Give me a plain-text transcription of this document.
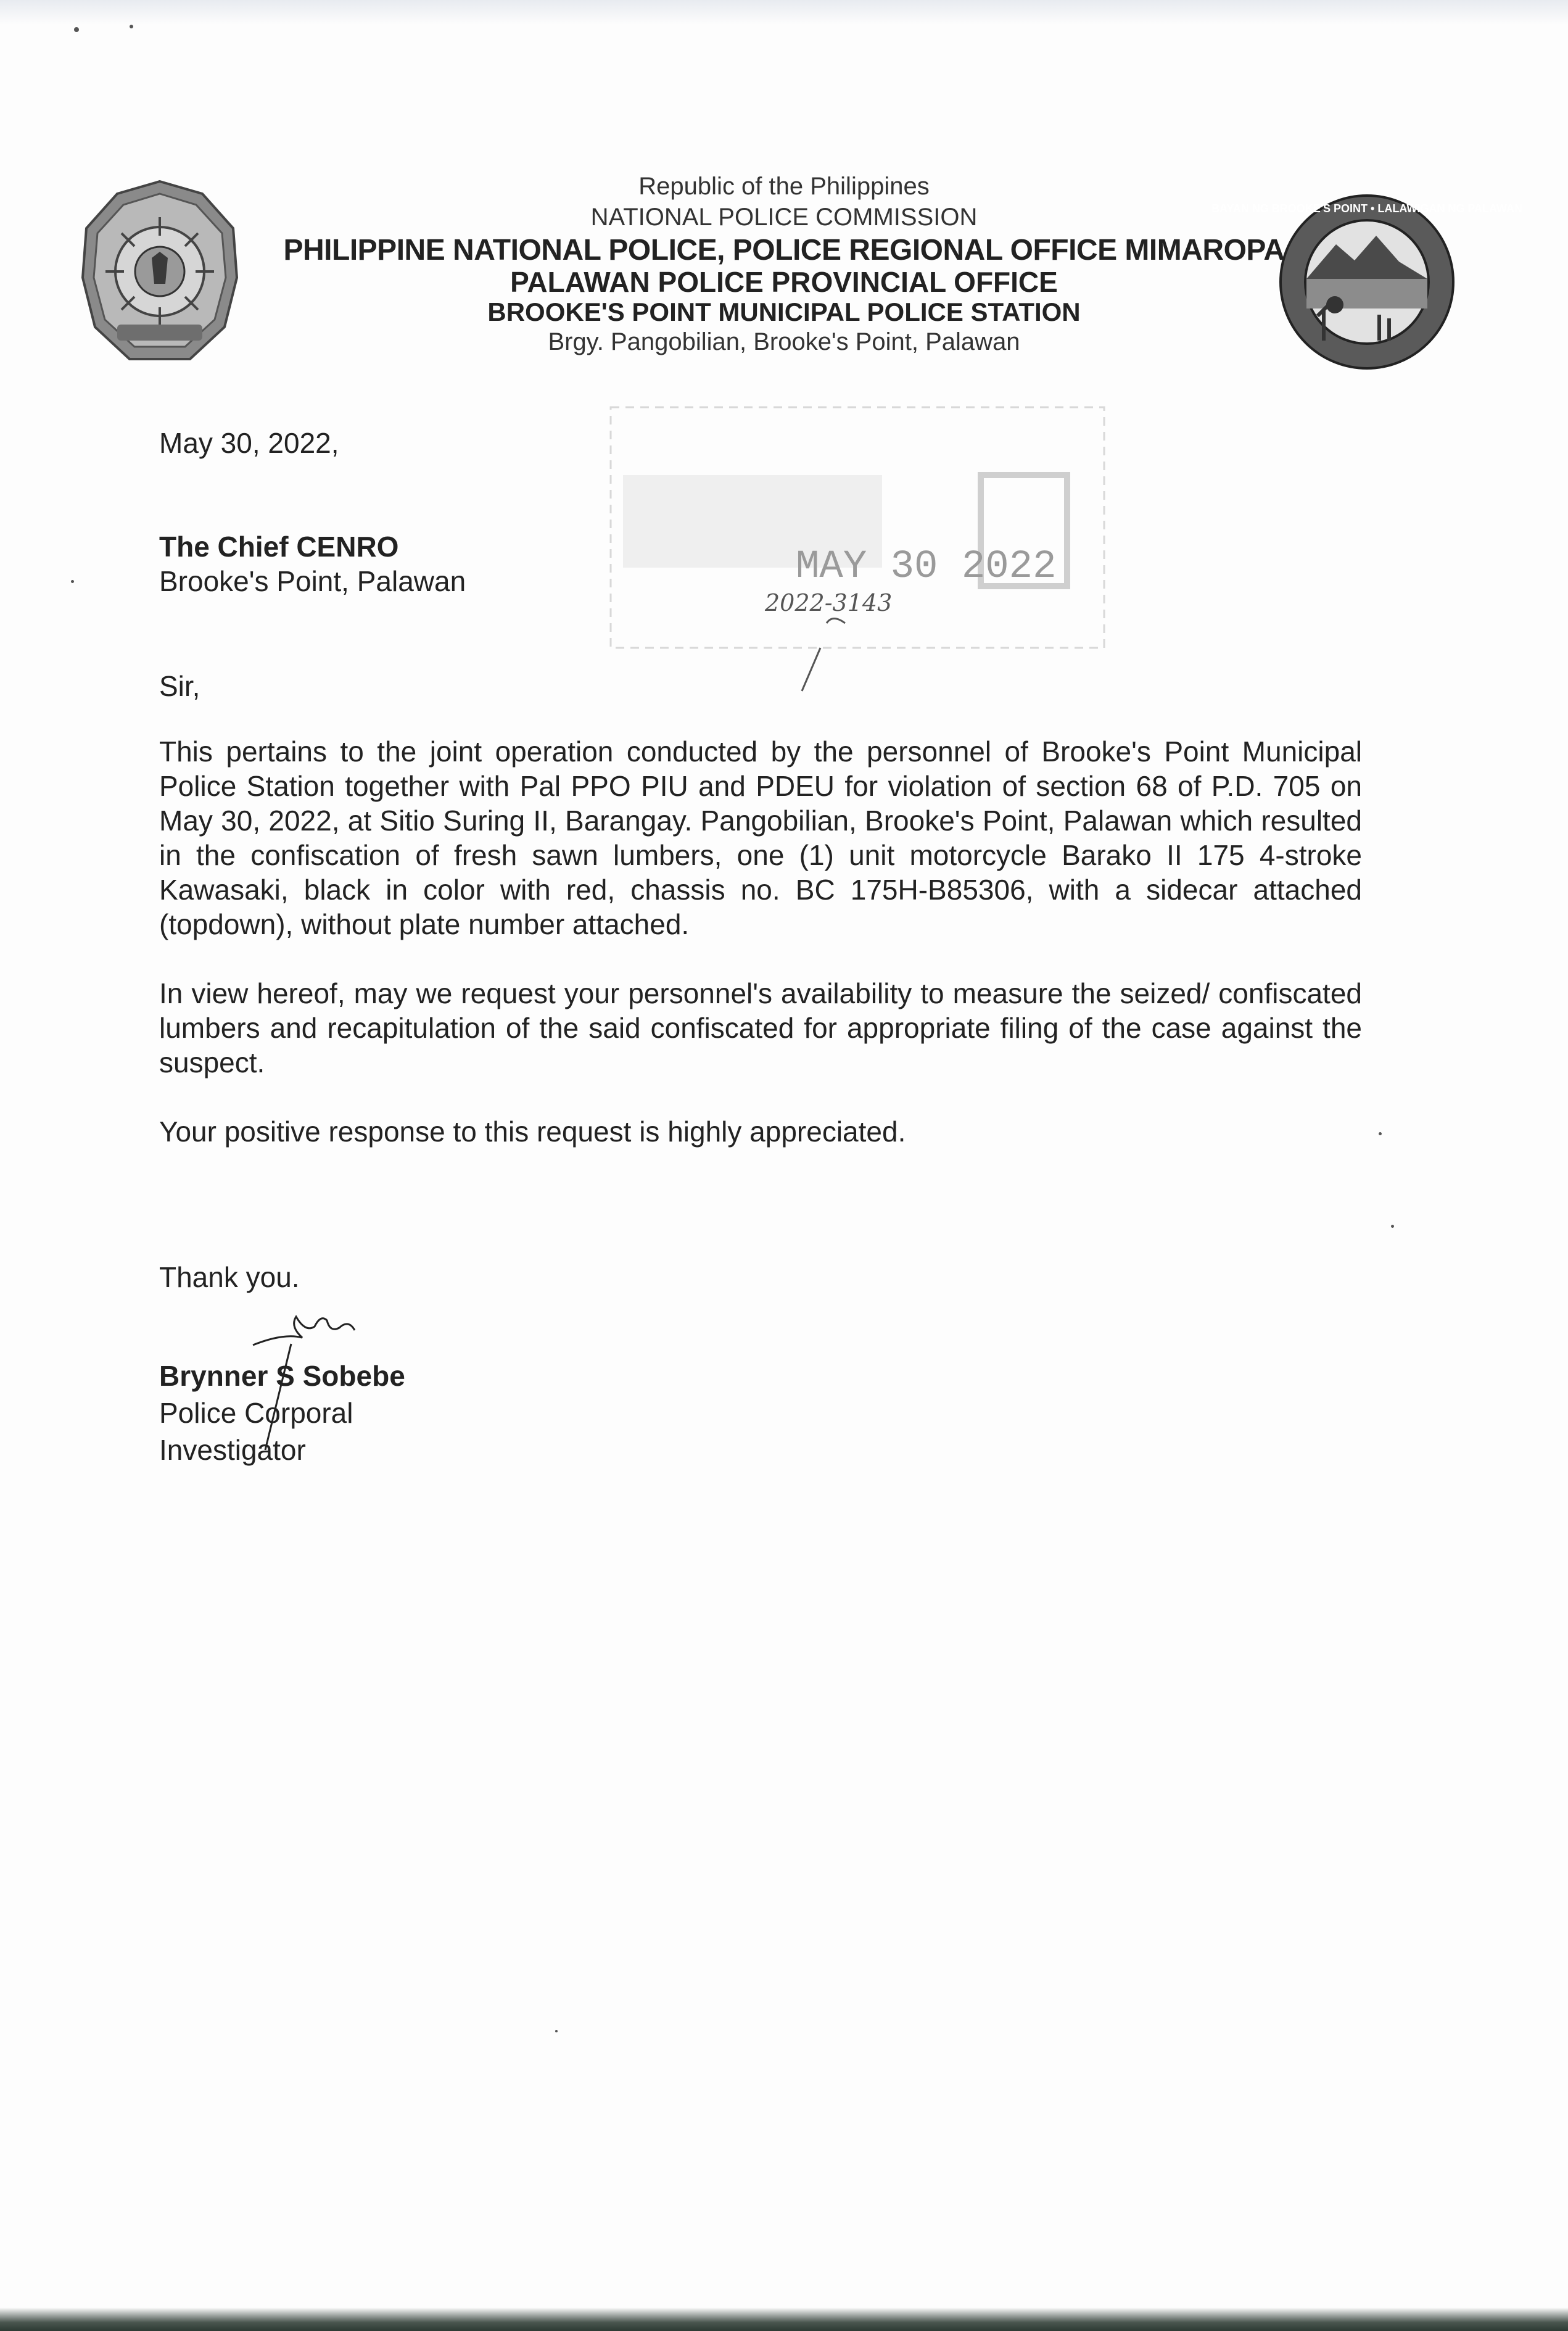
Republic of the Philippines

NATIONAL POLICE COMMISSION

PHILIPPINE NATIONAL POLICE, POLICE REGIONAL OFFICE MIMAROPA

PALAWAN POLICE PROVINCIAL OFFICE

BROOKE'S POINT MUNICIPAL POLICE STATION

Brgy. Pangobilian, Brooke's Point, Palawan

BAYAN NG BROOKE'S POINT • LALAWIGAN NG PALAWAN
MAY 30 2022
2022-3143
May 30, 2022,
The Chief CENRO
Brooke's Point, Palawan
Sir,

This pertains to the joint operation conducted by the personnel of Brooke's Point Municipal Police Station together with Pal PPO PIU and PDEU for violation of section 68 of P.D. 705 on May 30, 2022, at Sitio Suring II, Barangay. Pangobilian, Brooke's Point, Palawan which resulted in the confiscation of fresh sawn lumbers, one (1) unit motorcycle Barako II 175 4-stroke Kawasaki, black in color with red, chassis no. BC 175H-B85306, with a sidecar attached (topdown), without plate number attached.

In view hereof, may we request your personnel's availability to measure the seized/ confiscated lumbers and recapitulation of the said confiscated for appropriate filing of the case against the suspect.

Your positive response to this request is highly appreciated.

Thank you.

Brynner S Sobebe
Police Corporal
Investigator
